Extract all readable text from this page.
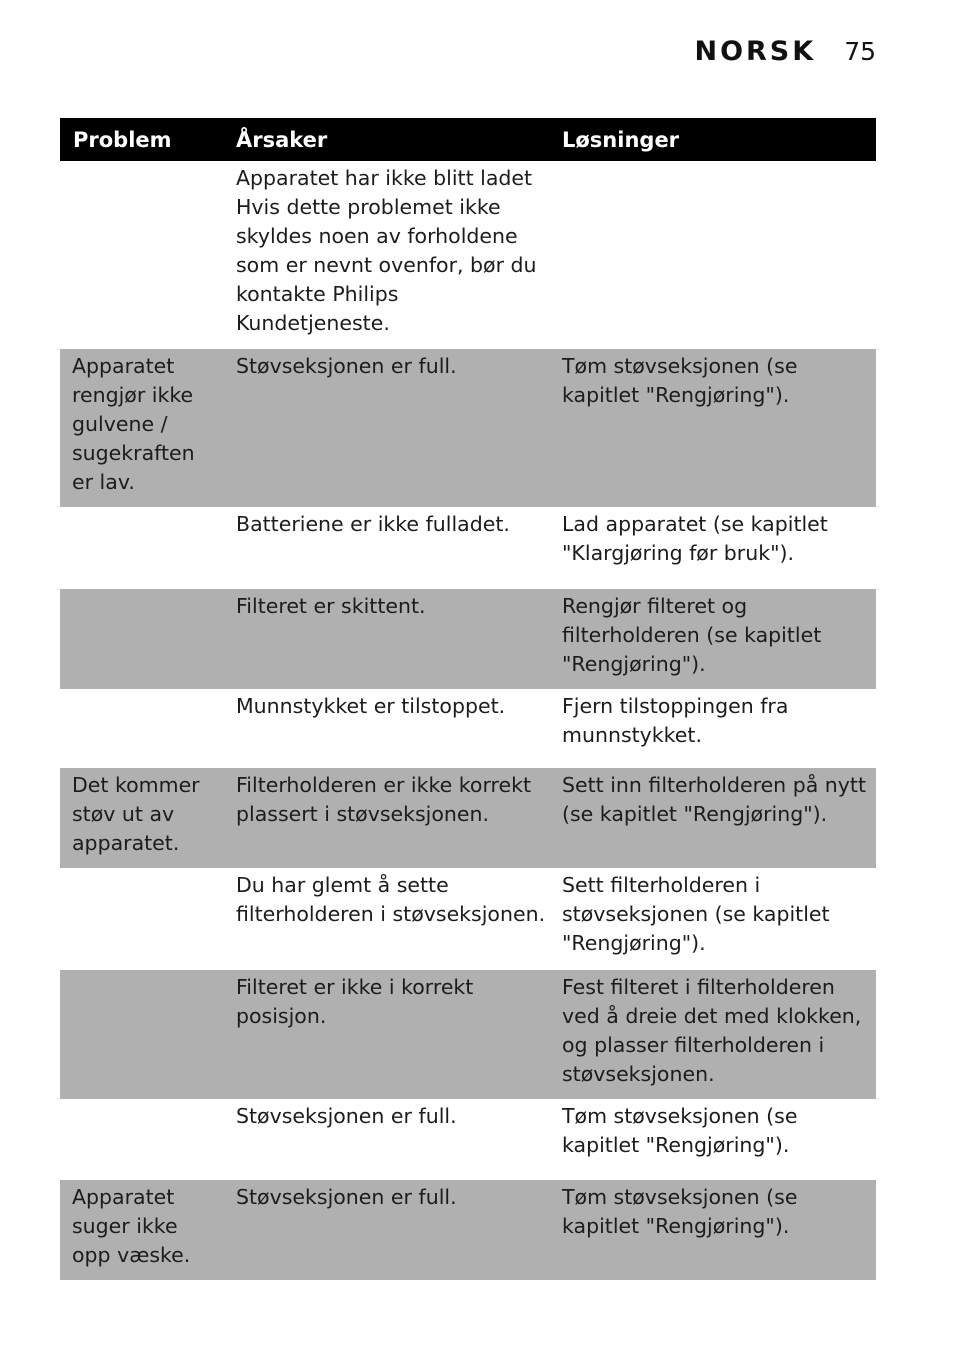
NORSK 75
Problem	Årsaker	Løsninger
	Apparatet har ikke blitt ladet Hvis dette problemet ikke skyldes noen av forholdene som er nevnt ovenfor, bør du kontakte Philips Kundetjeneste.	
Apparatet rengjør ikke gulvene / sugekraften er lav.	Støvseksjonen er full.	Tøm støvseksjonen (se kapitlet "Rengjøring").
	Batteriene er ikke fulladet.	Lad apparatet (se kapitlet "Klargjøring før bruk").
	Filteret er skittent.	Rengjør filteret og filterholderen (se kapitlet "Rengjøring").
	Munnstykket er tilstoppet.	Fjern tilstoppingen fra munnstykket.
Det kommer støv ut av apparatet.	Filterholderen er ikke korrekt plassert i støvseksjonen.	Sett inn filterholderen på nytt (se kapitlet "Rengjøring").
	Du har glemt å sette filterholderen i støvseksjonen.	Sett filterholderen i støvseksjonen (se kapitlet "Rengjøring").
	Filteret er ikke i korrekt posisjon.	Fest filteret i filterholderen ved å dreie det med klokken, og plasser filterholderen i støvseksjonen.
	Støvseksjonen er full.	Tøm støvseksjonen (se kapitlet "Rengjøring").
Apparatet suger ikke opp væske.	Støvseksjonen er full.	Tøm støvseksjonen (se kapitlet "Rengjøring").
